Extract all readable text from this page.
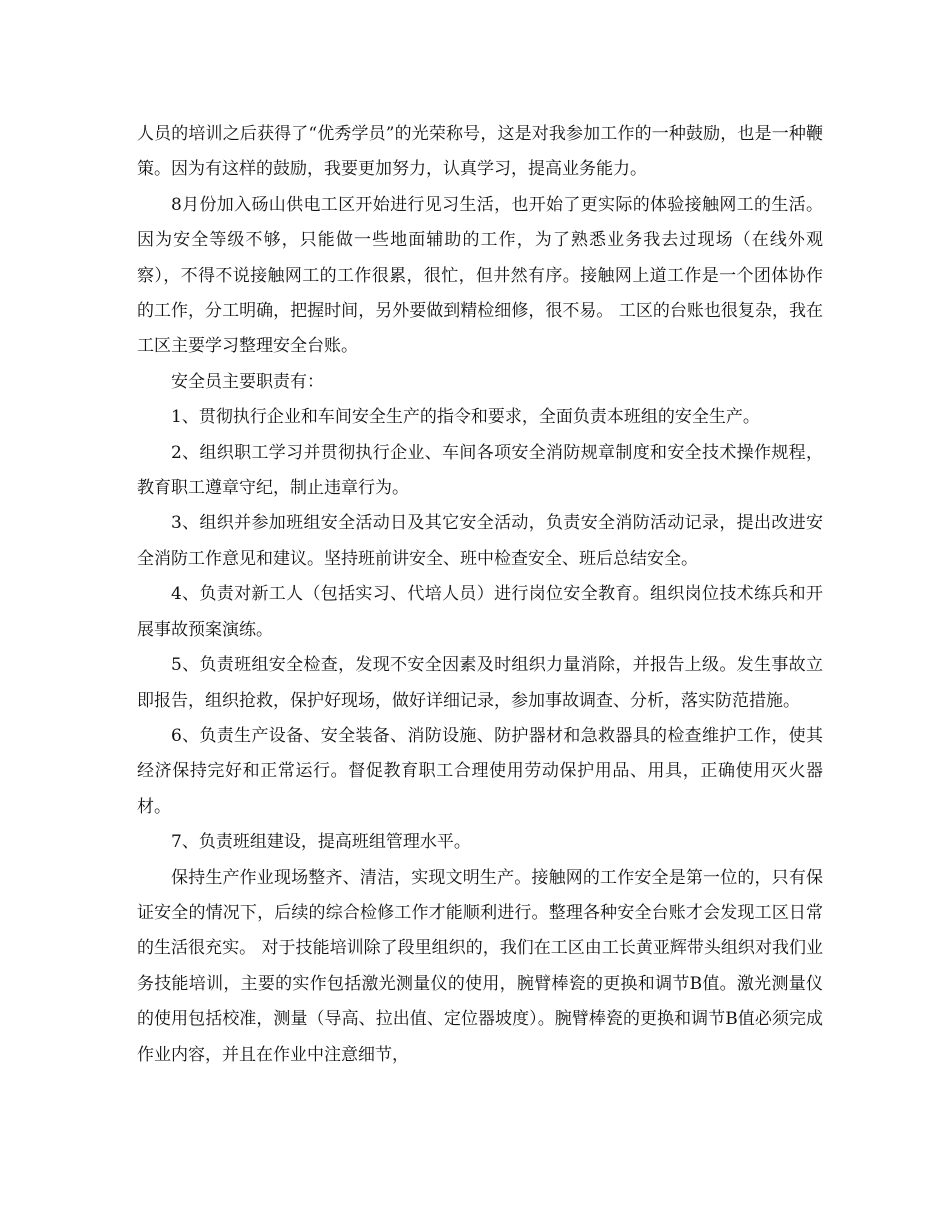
人员的培训之后获得了“优秀学员”的光荣称号，这是对我参加工作的一种鼓励，也是一种鞭策。因为有这样的鼓励，我要更加努力，认真学习，提高业务能力。

8月份加入砀山供电工区开始进行见习生活，也开始了更实际的体验接触网工的生活。因为安全等级不够，只能做一些地面辅助的工作，为了熟悉业务我去过现场（在线外观察），不得不说接触网工的工作很累，很忙，但井然有序。接触网上道工作是一个团体协作的工作，分工明确，把握时间，另外要做到精检细修，很不易。 工区的台账也很复杂，我在工区主要学习整理安全台账。

安全员主要职责有：

1、贯彻执行企业和车间安全生产的指令和要求，全面负责本班组的安全生产。

2、组织职工学习并贯彻执行企业、车间各项安全消防规章制度和安全技术操作规程，教育职工遵章守纪，制止违章行为。

3、组织并参加班组安全活动日及其它安全活动，负责安全消防活动记录，提出改进安全消防工作意见和建议。坚持班前讲安全、班中检查安全、班后总结安全。

4、负责对新工人（包括实习、代培人员）进行岗位安全教育。组织岗位技术练兵和开展事故预案演练。

5、负责班组安全检查，发现不安全因素及时组织力量消除，并报告上级。发生事故立即报告，组织抢救，保护好现场，做好详细记录，参加事故调查、分析，落实防范措施。

6、负责生产设备、安全装备、消防设施、防护器材和急救器具的检查维护工作，使其经济保持完好和正常运行。督促教育职工合理使用劳动保护用品、用具，正确使用灭火器材。

7、负责班组建设，提高班组管理水平。

保持生产作业现场整齐、清洁，实现文明生产。接触网的工作安全是第一位的，只有保证安全的情况下，后续的综合检修工作才能顺利进行。整理各种安全台账才会发现工区日常的生活很充实。 对于技能培训除了段里组织的，我们在工区由工长黄亚辉带头组织对我们业务技能培训，主要的实作包括激光测量仪的使用，腕臂棒瓷的更换和调节B值。激光测量仪的使用包括校准，测量（导高、拉出值、定位器坡度）。腕臂棒瓷的更换和调节B值必须完成作业内容，并且在作业中注意细节，
